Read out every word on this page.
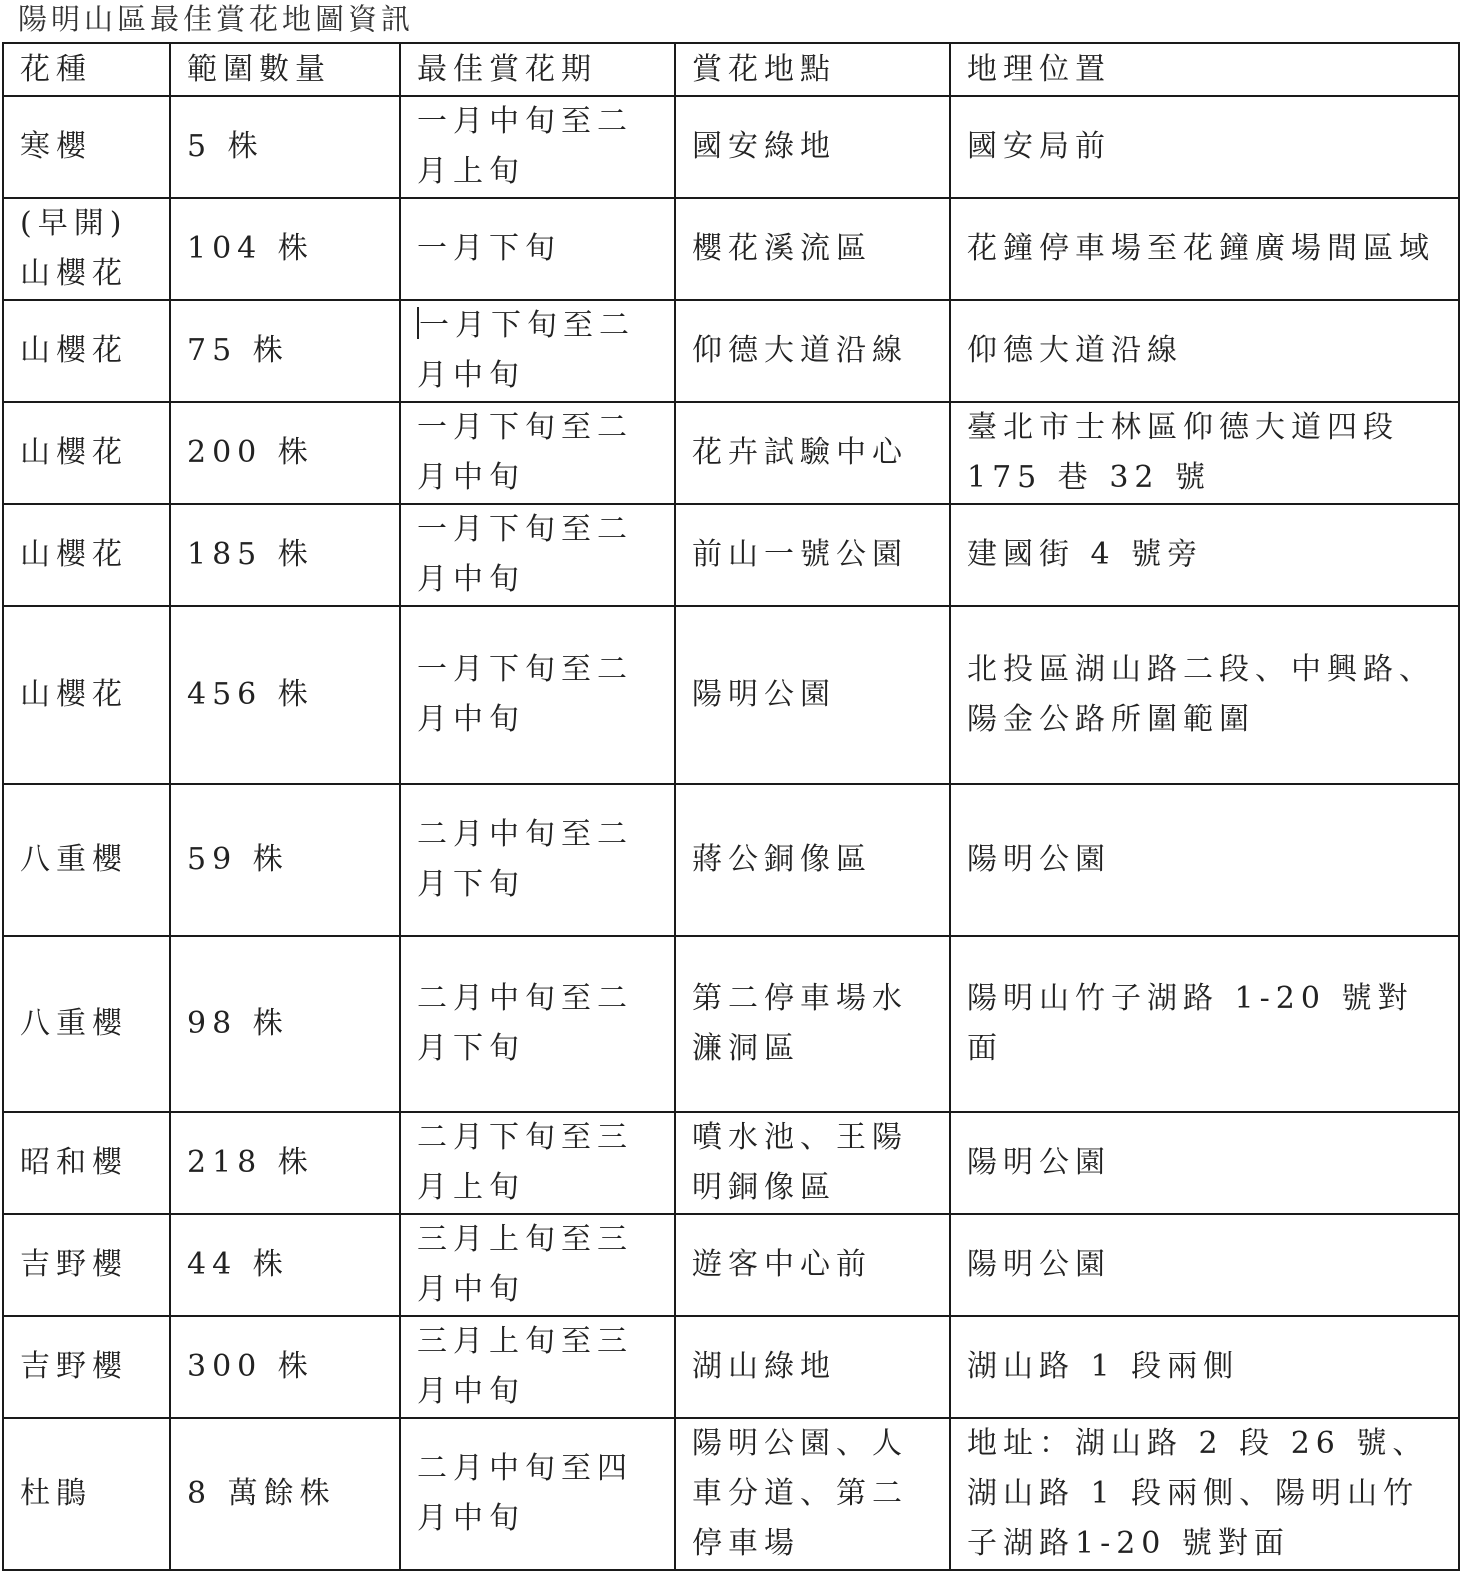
陽明山區最佳賞花地圖資訊
花種	範圍數量	最佳賞花期	賞花地點	地理位置
寒櫻	5 株	一月中旬至二月上旬	國安綠地	國安局前
(早開)山櫻花	104 株	一月下旬	櫻花溪流區	花鐘停車場至花鐘廣場間區域
山櫻花	75 株	一月下旬至二月中旬	仰德大道沿線	仰德大道沿線
山櫻花	200 株	一月下旬至二月中旬	花卉試驗中心	臺北市士林區仰德大道四段175 巷 32 號
山櫻花	185 株	一月下旬至二月中旬	前山一號公園	建國街 4 號旁
山櫻花	456 株	一月下旬至二月中旬	陽明公園	北投區湖山路二段、中興路、陽金公路所圍範圍
八重櫻	59 株	二月中旬至二月下旬	蔣公銅像區	陽明公園
八重櫻	98 株	二月中旬至二月下旬	第二停車場水濂洞區	陽明山竹子湖路 1-20 號對面
昭和櫻	218 株	二月下旬至三月上旬	噴水池、王陽明銅像區	陽明公園
吉野櫻	44 株	三月上旬至三月中旬	遊客中心前	陽明公園
吉野櫻	300 株	三月上旬至三月中旬	湖山綠地	湖山路 1 段兩側
杜鵑	8 萬餘株	二月中旬至四月中旬	陽明公園、人車分道、第二停車場	地址：湖山路 2 段 26 號、湖山路 1 段兩側、陽明山竹子湖路1-20 號對面
